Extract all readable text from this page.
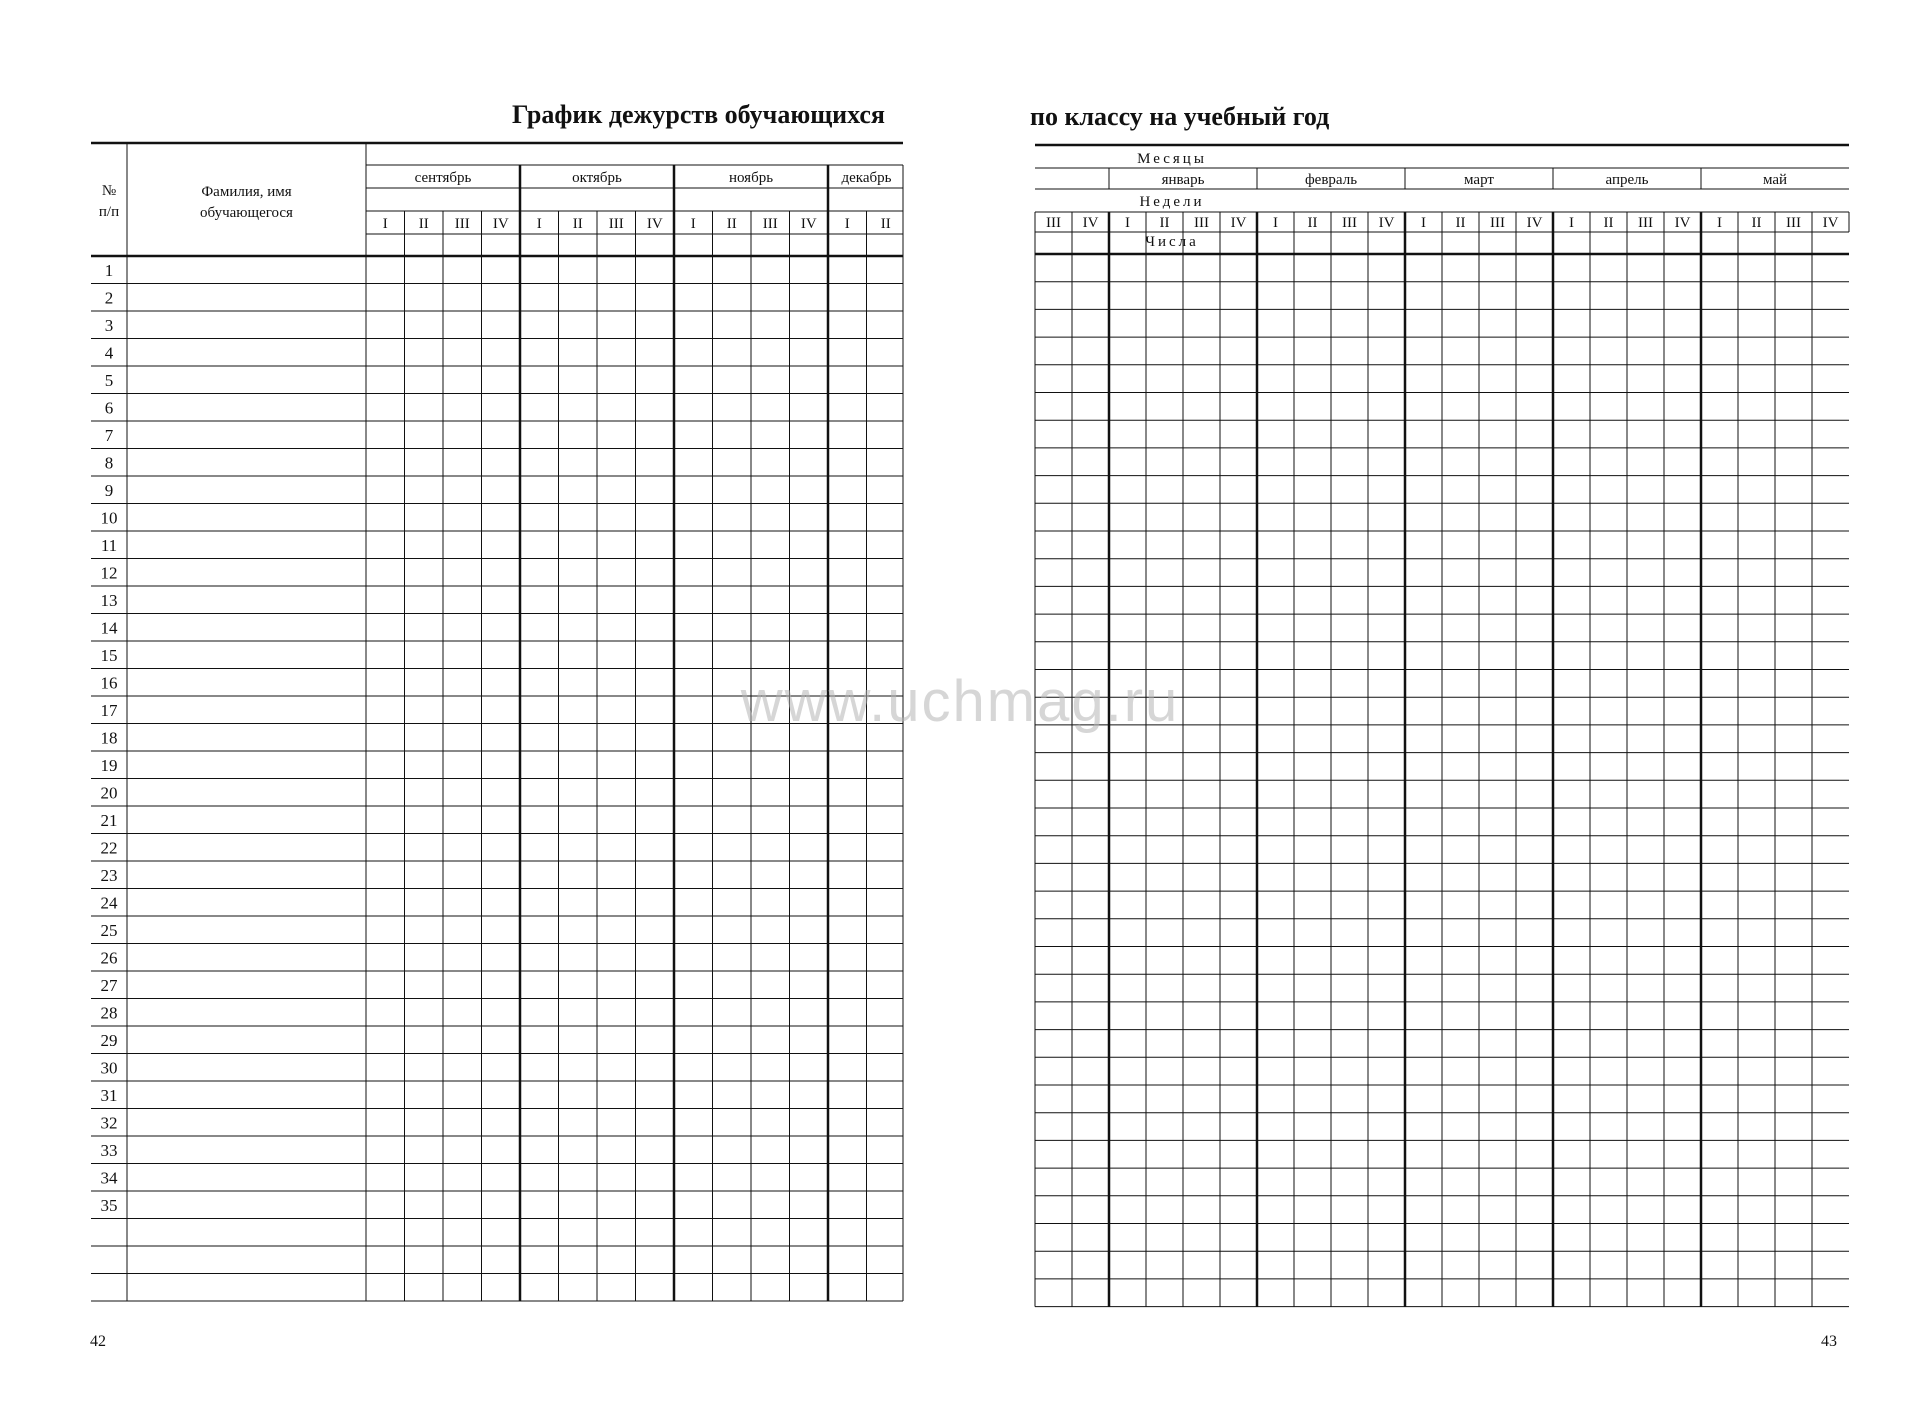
График дежурств обучающихся
сентябрь
I II III IV
октябрь
I II III IV
ноябрь
I II III IV
декабрь
I II
№
п/п
Фамилия, имя
обучающегося
1
2
3
4
5
6
7
8
9
10
11
12
13
14
15
16
17
18
19
20
21
22
23
24
25
26
27
28
29
30
31
32
33
34
35
42
по классу на учебный год
Месяцы
Недели
Числа
III IV
январь
I II III IV
февраль
I II III IV
март
I II III IV
апрель
I II III IV
май
I II III IV
43
www.uchmag.ru
